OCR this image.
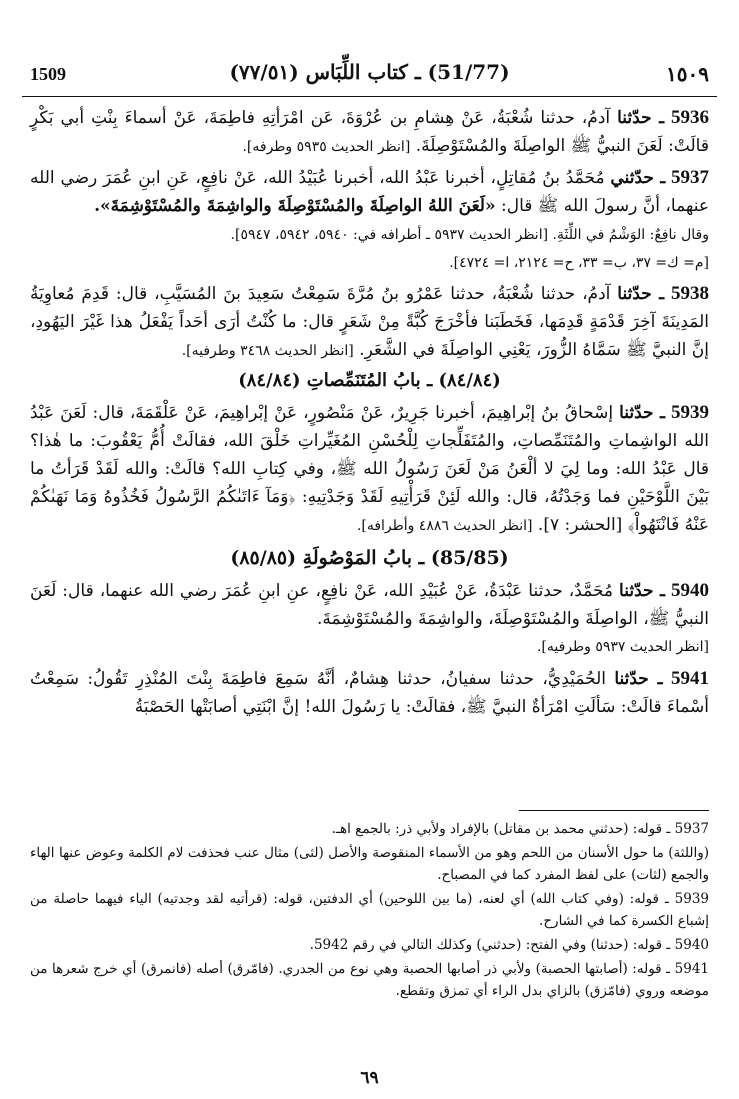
1509	(51/77) ـ كتاب اللِّبَاس (٧٧/٥١)	١٥٠٩

5936 ـ حدّثنا آدمُ، حدثنا شُعْبَةُ، عَنْ هِشامِ بن عُرْوَةَ، عَن امْرَأتِهِ فاطِمَةَ، عَنْ أسماءَ بِنْتِ أبي بَكْرٍ قالَتْ: لَعَنَ النبيُّ ﷺ الواصِلَةَ والمُسْتَوْصِلَةَ. [انظر الحديث ٥٩٣٥ وطرفه].

5937 ـ حدّثني مُحَمَّدُ بنُ مُقاتِلٍ، أخبرنا عَبْدُ الله، أخبرنا عُبَيْدُ الله، عَنْ نافِعٍ، عَنِ ابنِ عُمَرَ رضي الله عنهما، أنَّ رسولَ الله ﷺ قال: «لَعَنَ اللهُ الواصِلَةَ والمُسْتَوْصِلَةَ والواشِمَةَ والمُسْتَوْشِمَةَ».

وقال نافِعٌ: الوَشْمُ في اللِّثَةِ. [انظر الحديث ٥٩٣٧ ـ أطرافه في: ٥٩٤٠، ٥٩٤٢، ٥٩٤٧].

[م= ك= ٣٧، ب= ٣٣، ح= ٢١٢٤، ا= ٤٧٢٤].

5938 ـ حدّثنا آدمُ، حدثنا شُعْبَةُ، حدثنا عَمْرُو بنُ مُرَّةَ سَمِعْتُ سَعِيدَ بنَ المُسَيَّبِ، قال: قَدِمَ مُعاوِيَةُ المَدِينَةَ آخِرَ قَدْمَةٍ قَدِمَها، فَخَطَبَنا فأخْرَجَ كُبَّةً مِنْ شَعَرٍ قال: ما كُنْتُ أرَى أحَداً يَفْعَلُ هذا غَيْرَ اليَهُودِ، إنَّ النبيَّ ﷺ سَمَّاهُ الزُّورَ، يَعْنِي الواصِلَةَ في الشَّعَرِ. [انظر الحديث ٣٤٦٨ وطرفيه].

(٨٤/٨٤) ـ بابُ المُتَنَمِّصاتِ (٨٤/٨٤)

5939 ـ حدّثنا إسْحاقُ بنُ إبْراهِيمَ، أخبرنا جَرِيرٌ، عَنْ مَنْصُورٍ، عَنْ إبْراهِيمَ، عَنْ عَلْقَمَةَ، قال: لَعَنَ عَبْدُ الله الواشِماتِ والمُتَنَمِّصاتِ، والمُتَفَلِّجاتِ لِلْحُسْنِ المُغَيِّراتِ خَلْقَ الله، فقالَتْ أُمُّ يَعْقُوبَ: ما هٰذا؟ قال عَبْدُ الله: وما لِيَ لا ألْعَنُ مَنْ لَعَنَ رَسُولُ الله ﷺ، وفي كِتابِ الله؟ قالَتْ: والله لَقَدْ قَرَأتُ ما بَيْنَ اللَّوْحَيْنِ فما وَجَدْتُهُ، قال: والله لَئِنْ قَرَأْتِيهِ لَقَدْ وَجَدْتِيهِ: ﴿وَمَآ ءَاتَىٰكُمُ الرَّسُولُ فَخُذُوهُ وَمَا نَهَىٰكُمْ عَنْهُ فَانْتَهُواْ﴾ [الحشر: ٧]. [انظر الحديث ٤٨٨٦ وأطرافه].

(85/85) ـ بابُ المَوْصُولَةِ (٨٥/٨٥)

5940 ـ حدّثنا مُحَمَّدٌ، حدثنا عَبْدَةُ، عَنْ عُبَيْدِ الله، عَنْ نافِعٍ، عنِ ابنِ عُمَرَ رضي الله عنهما، قال: لَعَنَ النبيُّ ﷺ، الواصِلَةَ والمُسْتَوْصِلَةَ، والواشِمَةَ والمُسْتَوْشِمَةَ.

[انظر الحديث ٥٩٣٧ وطرفيه].

5941 ـ حدّثنا الحُمَيْدِيُّ، حدثنا سفيانُ، حدثنا هِشامٌ، أنَّهُ سَمِعَ فاطِمَةَ بِنْتَ المُنْذِرِ تَقُولُ: سَمِعْتُ أسْماءَ قالَتْ: سَألَتِ امْرَأةٌ النبيَّ ﷺ، فقالَتْ: يا رَسُولَ الله! إنَّ ابْنَتِي أصابَتْها الحَصْبَةُ

5937 ـ قوله: (حدثني محمد بن مقاتل) بالإفراد ولأبي ذر: بالجمع اهـ.

(واللثة) ما حول الأسنان من اللحم وهو من الأسماء المنقوصة والأصل (لثى) مثال عنب فحذفت لام الكلمة وعوض عنها الهاء والجمع (لثات) على لفظ المفرد كما في المصباح.

5939 ـ قوله: (وفي كتاب الله) أي لعنه، (ما بين اللوحين) أي الدفتين، قوله: (قرأتيه لقد وجدتيه) الياء فيهما حاصلة من إشباع الكسرة كما في الشارح.

5940 ـ قوله: (حدثنا) وفي الفتح: (حدثني) وكذلك التالي في رقم 5942.

5941 ـ قوله: (أصابتها الحصبة) ولأبي ذر أصابها الحصبة وهي نوع من الجدري. (فامّرق) أصله (فانمرق) أي خرج شعرها من موضعه وروي (فامّزق) بالزاي بدل الراء أي تمزق وتقطع.

٦٩
